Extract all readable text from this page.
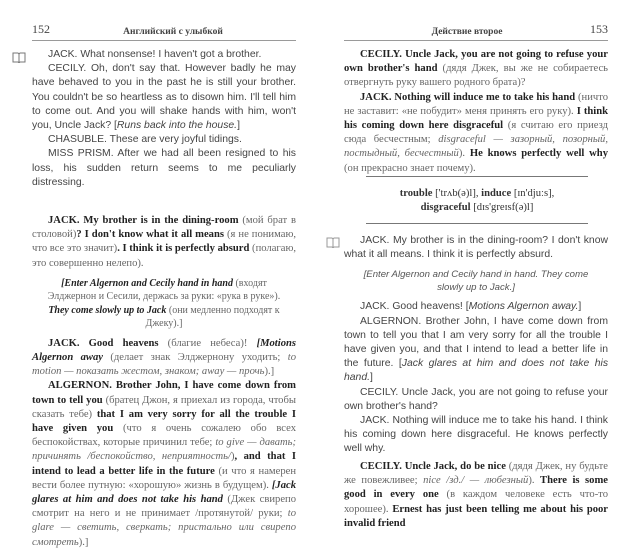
152	Английский с улыбкой

JACK. What nonsense! I haven't got a brother.

CECILY. Oh, don't say that. However badly he may have behaved to you in the past he is still your brother. You couldn't be so heartless as to disown him. I'll tell him to come out. And you will shake hands with him, won't you, Uncle Jack? [Runs back into the house.]

CHASUBLE. These are very joyful tidings.

MISS PRISM. After we had all been resigned to his loss, his sudden return seems to me peculiarly distressing.

JACK. My brother is in the dining-room (мой брат в столовой)? I don't know what it all means (я не понимаю, что все это значит). I think it is perfectly absurd (полагаю, это совершенно нелепо).

[Enter Algernon and Cecily hand in hand (входят Элджернон и Сесили, держась за руки: «рука в руке»). They come slowly up to Jack (они медленно подходят к Джеку).]

JACK. Good heavens (благие небеса)! [Motions Algernon away (делает знак Элджернону уходить; to motion — показать жестом, знаком; away — прочь).]

ALGERNON. Brother John, I have come down from town to tell you (братец Джон, я приехал из города, чтобы сказать тебе) that I am very sorry for all the trouble I have given you (что я очень сожалею обо всех беспокойствах, которые причинил тебе; to give — давать; причинять /беспокойство, неприятность/), and that I intend to lead a better life in the future (и что я намерен вести более путную: «хорошую» жизнь в будущем). [Jack glares at him and does not take his hand (Джек свирепо смотрит на него и не принимает /протянутой/ руки; to glare — светить, сверкать; пристально или свирепо смотреть).]

Действие второе	153

CECILY. Uncle Jack, you are not going to refuse your own brother's hand (дядя Джек, вы же не собираетесь отвергнуть руку вашего родного брата)?

JACK. Nothing will induce me to take his hand (ничто не заставит: «не побудит» меня принять его руку). I think his coming down here disgraceful (я считаю его приезд сюда бесчестным; disgraceful — зазорный, позорный, постыдный, бесчестный). He knows perfectly well why (он прекрасно знает почему).

trouble ['trʌb(ə)l], induce [ɪn'djuːs],
disgraceful [dɪs'greɪsf(ə)l]

JACK. My brother is in the dining-room? I don't know what it all means. I think it is perfectly absurd.

[Enter Algernon and Cecily hand in hand. They come slowly up to Jack.]

JACK. Good heavens! [Motions Algernon away.]

ALGERNON. Brother John, I have come down from town to tell you that I am very sorry for all the trouble I have given you, and that I intend to lead a better life in the future. [Jack glares at him and does not take his hand.]

CECILY. Uncle Jack, you are not going to refuse your own brother's hand?

JACK. Nothing will induce me to take his hand. I think his coming down here disgraceful. He knows perfectly well why.

CECILY. Uncle Jack, do be nice (дядя Джек, ну будьте же повежливее; nice /зд./ — любезный). There is some good in every one (в каждом человеке есть что-то хорошее). Ernest has just been telling me about his poor invalid friend
